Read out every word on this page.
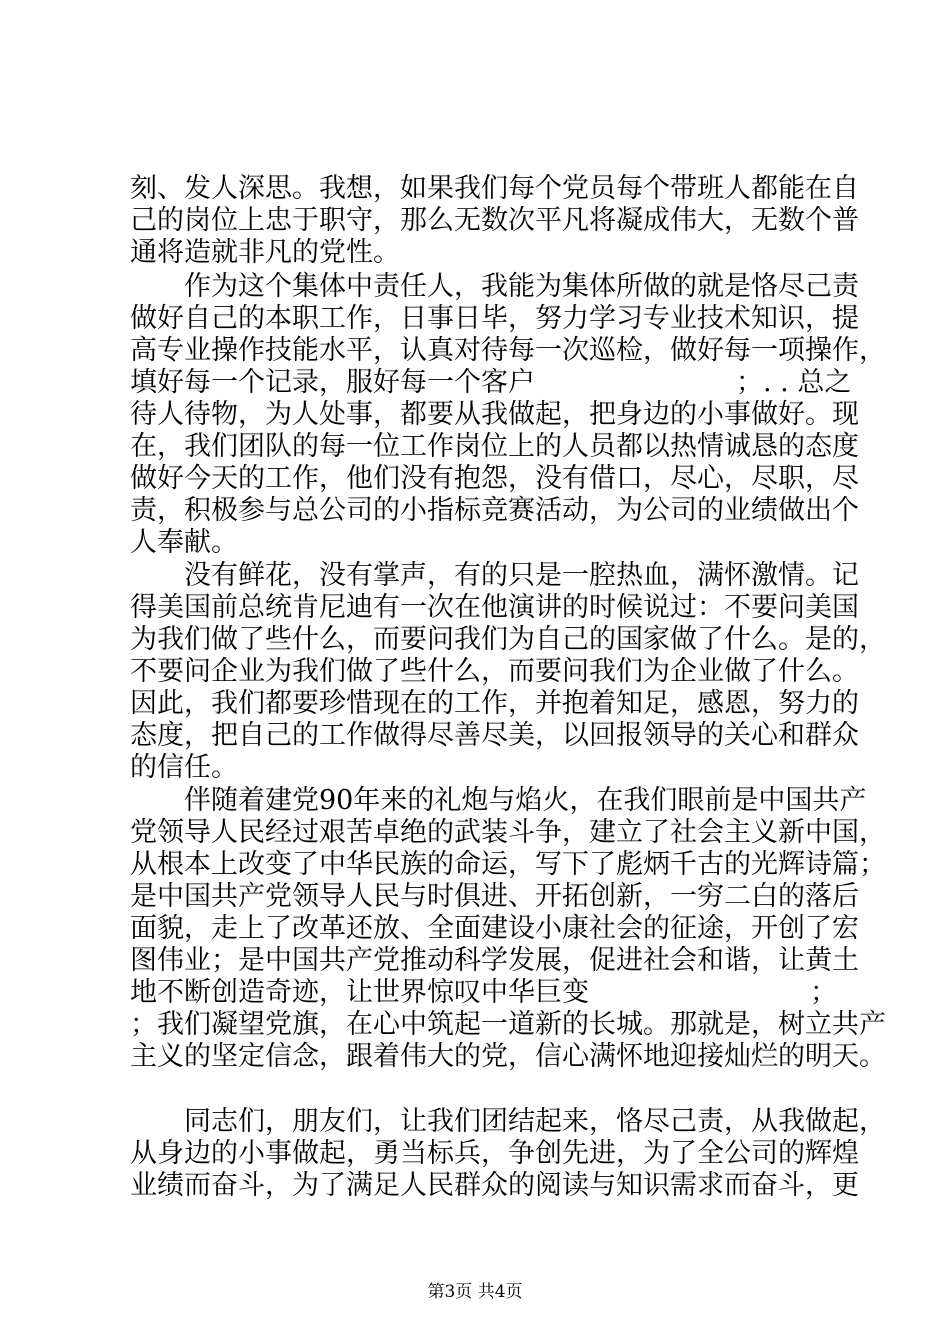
刻、发人深思。我想，如果我们每个党员每个带班人都能在自
己的岗位上忠于职守，那么无数次平凡将凝成伟大，无数个普
通将造就非凡的党性。
作为这个集体中责任人，我能为集体所做的就是恪尽己责
做好自己的本职工作，日事日毕，努力学习专业技术知识，提
高专业操作技能水平，认真对待每一次巡检，做好每一项操作，
填好每一个记录，服好每一个客户	；. . 总之
待人待物，为人处事，都要从我做起，把身边的小事做好。现
在，我们团队的每一位工作岗位上的人员都以热情诚恳的态度
做好今天的工作，他们没有抱怨，没有借口，尽心，尽职，尽
责，积极参与总公司的小指标竞赛活动，为公司的业绩做出个
人奉献。
没有鲜花，没有掌声，有的只是一腔热血，满怀激情。记
得美国前总统肯尼迪有一次在他演讲的时候说过：不要问美国
为我们做了些什么，而要问我们为自己的国家做了什么。是的，
不要问企业为我们做了些什么，而要问我们为企业做了什么。
因此，我们都要珍惜现在的工作，并抱着知足，感恩，努力的
态度，把自己的工作做得尽善尽美，以回报领导的关心和群众
的信任。
伴随着建党90年来的礼炮与焰火，在我们眼前是中国共产
党领导人民经过艰苦卓绝的武装斗争，建立了社会主义新中国，
从根本上改变了中华民族的命运，写下了彪炳千古的光辉诗篇；
是中国共产党领导人民与时俱进、开拓创新，一穷二白的落后
面貌，走上了改革还放、全面建设小康社会的征途，开创了宏
图伟业；是中国共产党推动科学发展，促进社会和谐，让黄土
地不断创造奇迹，让世界惊叹中华巨变	；
；我们凝望党旗，在心中筑起一道新的长城。那就是，树立共产
主义的坚定信念，跟着伟大的党，信心满怀地迎接灿烂的明天。
同志们，朋友们，让我们团结起来，恪尽己责，从我做起，
从身边的小事做起，勇当标兵，争创先进，为了全公司的辉煌
业绩而奋斗，为了满足人民群众的阅读与知识需求而奋斗，更
第3页 共4页
